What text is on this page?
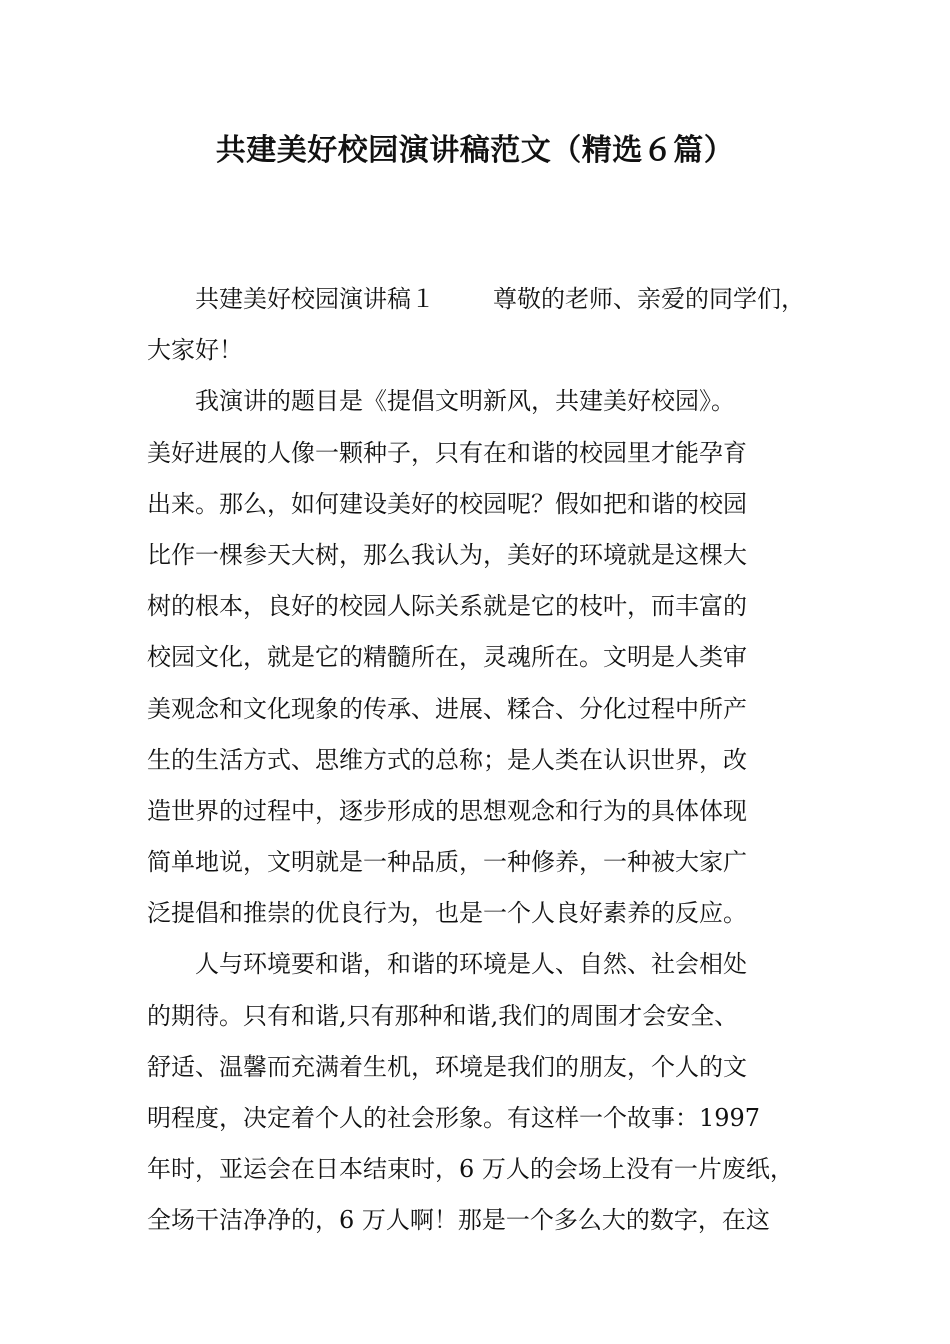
共建美好校园演讲稿范文（精选６篇）
共建美好校园演讲稿１ 尊敬的老师、亲爱的同学们，
大家好！
我演讲的题目是《提倡文明新风，共建美好校园》。
美好进展的人像一颗种子，只有在和谐的校园里才能孕育
出来。那么，如何建设美好的校园呢？假如把和谐的校园
比作一棵参天大树，那么我认为，美好的环境就是这棵大
树的根本，良好的校园人际关系就是它的枝叶，而丰富的
校园文化，就是它的精髓所在，灵魂所在。文明是人类审
美观念和文化现象的传承、进展、糅合、分化过程中所产
生的生活方式、思维方式的总称；是人类在认识世界，改
造世界的过程中，逐步形成的思想观念和行为的具体体现
简单地说，文明就是一种品质，一种修养，一种被大家广
泛提倡和推崇的优良行为，也是一个人良好素养的反应。
人与环境要和谐，和谐的环境是人、自然、社会相处
的期待。只有和谐,只有那种和谐,我们的周围才会安全、
舒适、温馨而充满着生机，环境是我们的朋友，个人的文
明程度，决定着个人的社会形象。有这样一个故事：1997
年时，亚运会在日本结束时，6 万人的会场上没有一片废纸，
全场干洁净净的，6 万人啊！那是一个多么大的数字，在这
